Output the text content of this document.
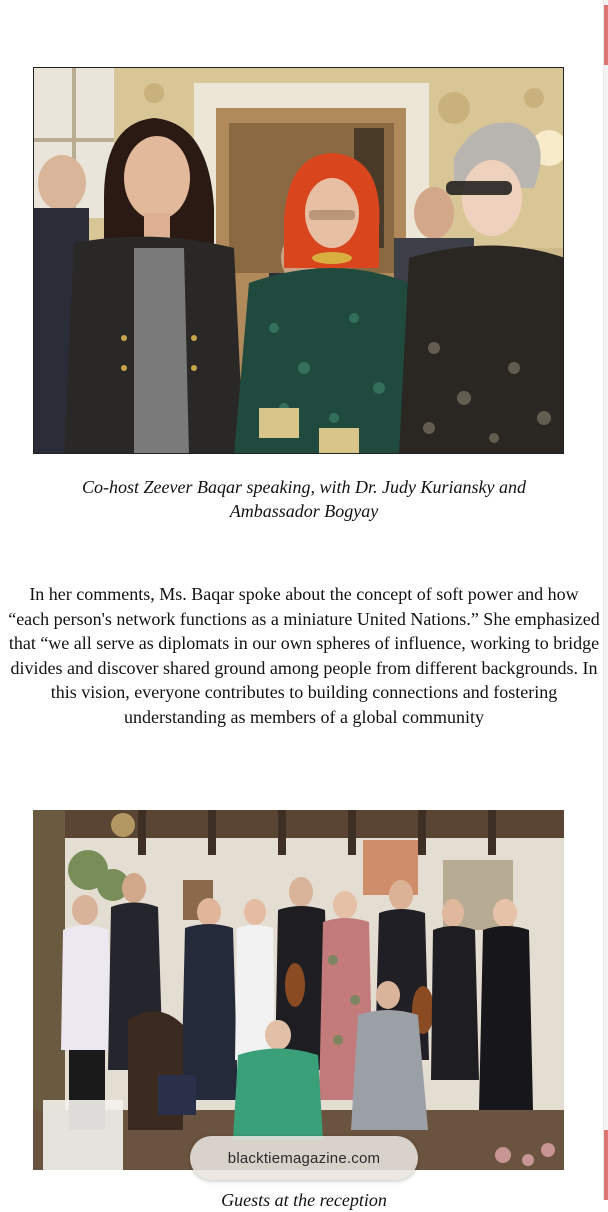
Co-host Zeever Baqar speaking, with Dr. Judy Kuriansky and Ambassador Bogyay
In her comments, Ms. Baqar spoke about the concept of soft power and how “each person's network functions as a miniature United Nations.” She emphasized that “we all serve as diplomats in our own spheres of influence, working to bridge divides and discover shared ground among people from different backgrounds. In this vision, everyone contributes to building connections and fostering understanding as members of a global community
Guests at the reception
blacktiemagazine.com
